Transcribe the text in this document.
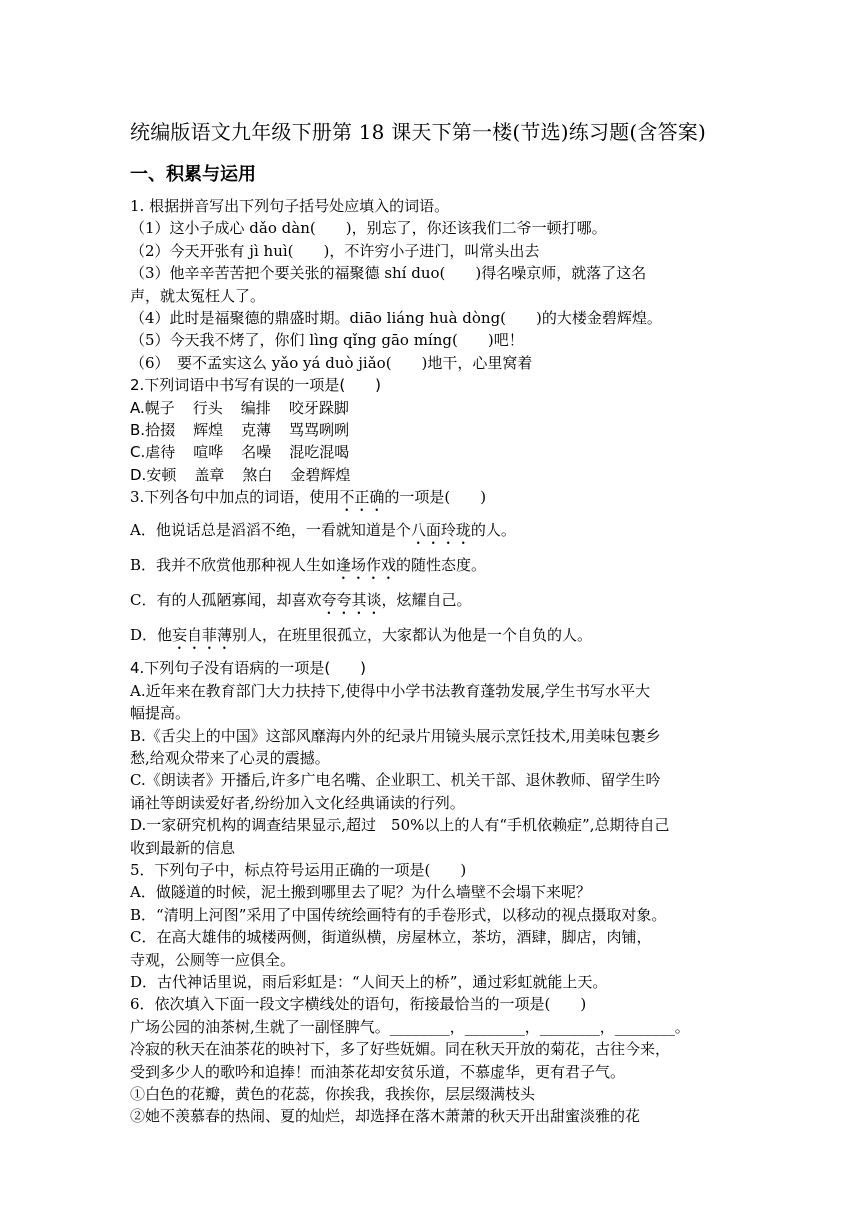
统编版语文九年级下册第 18 课天下第一楼(节选)练习题(含答案)
一、积累与运用
1. 根据拼音写出下列句子括号处应填入的词语。
（1）这小子成心 dǎo dàn(　　)，别忘了，你还该我们二爷一顿打哪。
（2）今天开张有 jì huì(　　)，不许穷小子进门，叫常头出去
（3）他辛辛苦苦把个要关张的福聚德 shí duo(　　)得名噪京师，就落了这名
声，就太冤枉人了。
（4）此时是福聚德的鼎盛时期。diāo liáng huà dòng(　　)的大楼金碧辉煌。
（5）今天我不烤了，你们 lìng qǐng gāo míng(　　)吧！
（6）　要不孟实这么 yǎo yá duò jiǎo(　　)地干，心里窝着
2.下列词语中书写有误的一项是(　　)
A.幌子 行头 编排 咬牙跺脚
B.拾掇 辉煌 克薄 骂骂咧咧
C.虐待 喧哗 名噪 混吃混喝
D.安顿 盖章 煞白 金碧辉煌
3.下列各句中加点的词语，使用不正确的一项是(　　)
A．他说话总是滔滔不绝，一看就知道是个八面玲珑的人。
B．我并不欣赏他那种视人生如逢场作戏的随性态度。
C．有的人孤陋寡闻，却喜欢夸夸其谈，炫耀自己。
D．他妄自菲薄别人，在班里很孤立，大家都认为他是一个自负的人。
4.下列句子没有语病的一项是(　　)
A.近年来在教育部门大力扶持下,使得中小学书法教育蓬勃发展,学生书写水平大
幅提高。
B.《舌尖上的中国》这部风靡海内外的纪录片用镜头展示烹饪技术,用美味包裹乡
愁,给观众带来了心灵的震撼。
C.《朗读者》开播后,许多广电名嘴、企业职工、机关干部、退休教师、留学生吟
诵社等朗读爱好者,纷纷加入文化经典诵读的行列。
D.一家研究机构的调查结果显示,超过　50%以上的人有“手机依赖症”,总期待自己
收到最新的信息
5．下列句子中，标点符号运用正确的一项是(　　)
A．做隧道的时候，泥土搬到哪里去了呢？为什么墙壁不会塌下来呢？
B．“清明上河图”采用了中国传统绘画特有的手卷形式，以移动的视点摄取对象。
C．在高大雄伟的城楼两侧，街道纵横，房屋林立，茶坊，酒肆，脚店，肉铺，
寺观，公厕等一应俱全。
D．古代神话里说，雨后彩虹是：“人间天上的桥”，通过彩虹就能上天。
6．依次填入下面一段文字横线处的语句，衔接最恰当的一项是(　　)
广场公园的油茶树,生就了一副怪脾气。________，________，________，________。
冷寂的秋天在油茶花的映衬下，多了好些妩媚。同在秋天开放的菊花，古往今来，
受到多少人的歌吟和追捧！而油茶花却安贫乐道，不慕虚华，更有君子气。
①白色的花瓣，黄色的花蕊，你挨我，我挨你，层层缀满枝头
②她不羡慕春的热闹、夏的灿烂，却选择在落木萧萧的秋天开出甜蜜淡雅的花
